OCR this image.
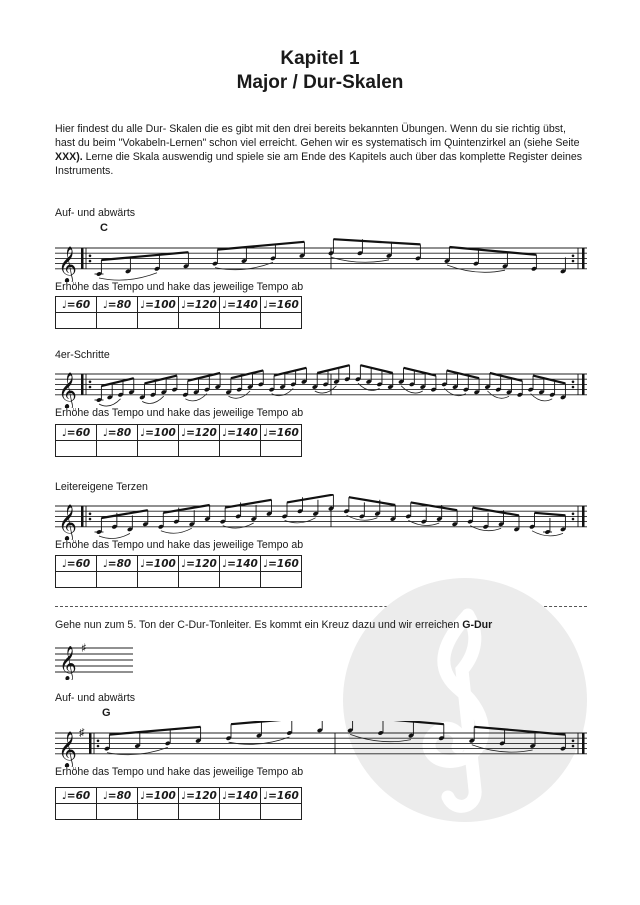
Kapitel 1
Major / Dur-Skalen
Hier findest du alle Dur- Skalen die es gibt mit den drei bereits bekannten Übungen. Wenn du sie richtig übst, hast du beim "Vokabeln-Lernen" schon viel erreicht. Gehen wir es systematisch im Quintenzirkel an (siehe Seite XXX). Lerne die Skala auswendig und spiele sie am Ende des Kapitels auch über das komplette Register deines Instruments.
Auf- und abwärts
C
𝄞
Erhöhe das Tempo und hake das jeweilige Tempo ab
♩=60	♩=80	♩=100	♩=120	♩=140	♩=160

4er-Schritte
𝄞
Erhöhe das Tempo und hake das jeweilige Tempo ab
♩=60	♩=80	♩=100	♩=120	♩=140	♩=160

Leitereigene Terzen
𝄞
Erhöhe das Tempo und hake das jeweilige Tempo ab
♩=60	♩=80	♩=100	♩=120	♩=140	♩=160

Gehe nun zum 5. Ton der C-Dur-Tonleiter. Es kommt ein Kreuz dazu und wir erreichen G-Dur
𝄞 ♯
Auf- und abwärts
G
𝄞 ♯
Erhöhe das Tempo und hake das jeweilige Tempo ab
♩=60	♩=80	♩=100	♩=120	♩=140	♩=160
